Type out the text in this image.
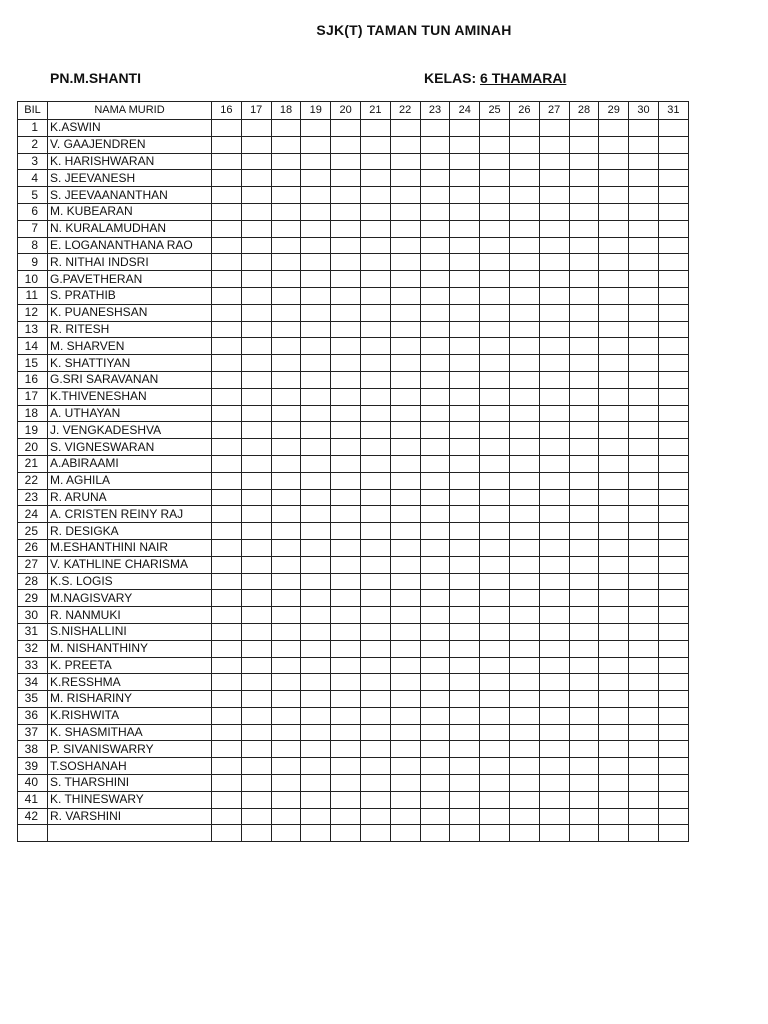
SJK(T) TAMAN TUN AMINAH
PN.M.SHANTI	KELAS: 6 THAMARAI
BIL	NAMA MURID	16	17	18	19	20	21	22	23	24	25	26	27	28	29	30	31
1	K.ASWIN																
2	V. GAAJENDREN																
3	K. HARISHWARAN																
4	S. JEEVANESH																
5	S. JEEVAANANTHAN																
6	M. KUBEARAN																
7	N. KURALAMUDHAN																
8	E. LOGANANTHANA RAO																
9	R. NITHAI INDSRI																
10	G.PAVETHERAN																
11	S. PRATHIB																
12	K. PUANESHSAN																
13	R. RITESH																
14	M. SHARVEN																
15	K. SHATTIYAN																
16	G.SRI SARAVANAN																
17	K.THIVENESHAN																
18	A. UTHAYAN																
19	J. VENGKADESHVA																
20	S. VIGNESWARAN																
21	A.ABIRAAMI																
22	M. AGHILA																
23	R. ARUNA																
24	A. CRISTEN REINY RAJ																
25	R. DESIGKA																
26	M.ESHANTHINI NAIR																
27	V. KATHLINE CHARISMA																
28	K.S. LOGIS																
29	M.NAGISVARY																
30	R. NANMUKI																
31	S.NISHALLINI																
32	M. NISHANTHINY																
33	K. PREETA																
34	K.RESSHMA																
35	M. RISHARINY																
36	K.RISHWITA																
37	K. SHASMITHAA																
38	P. SIVANISWARRY																
39	T.SOSHANAH																
40	S. THARSHINI																
41	K. THINESWARY																
42	R. VARSHINI																
